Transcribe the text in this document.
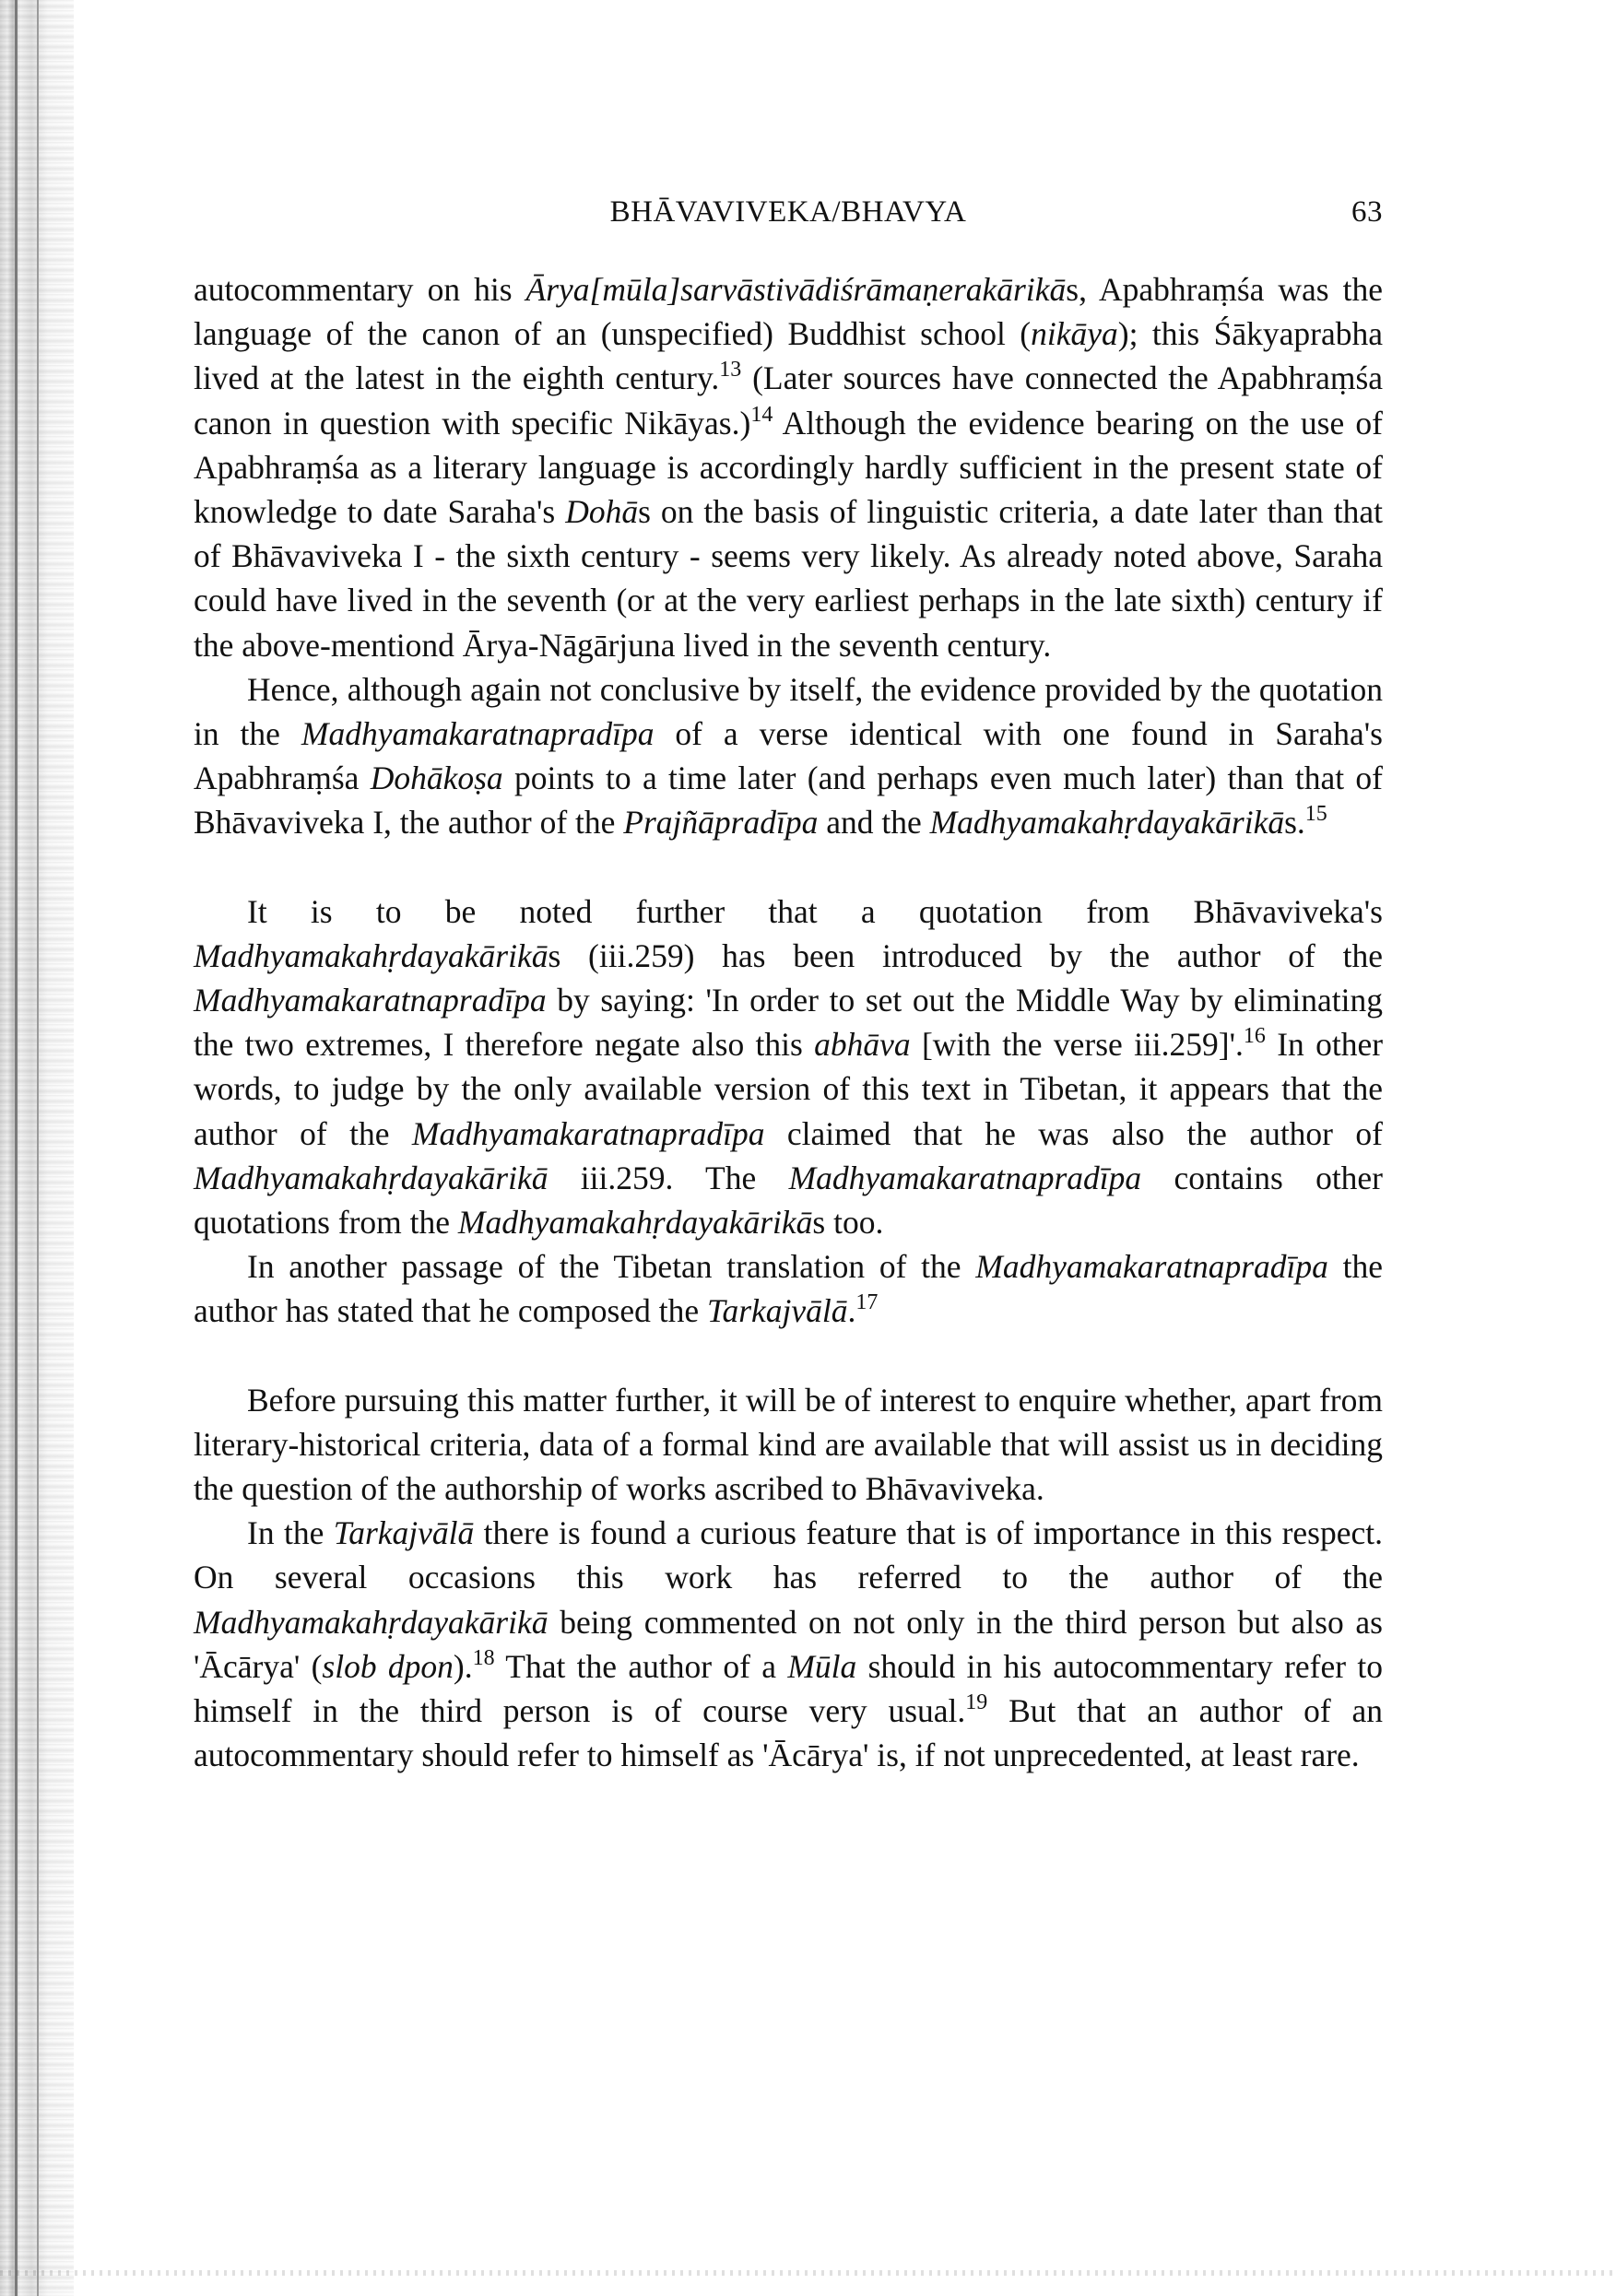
BHĀVAVIVEKA/BHAVYA	63

autocommentary on his Ārya[mūla]sarvāstivādiśrāmaṇerakārikās, Apabhraṃśa was the language of the canon of an (unspecified) Buddhist school (nikāya); this Śākyaprabha lived at the latest in the eighth century.$^{13}$ (Later sources have connected the Apabhraṃśa canon in question with specific Nikāyas.)$^{14}$ Although the evidence bearing on the use of Apabhraṃśa as a literary language is accordingly hardly sufficient in the present state of knowledge to date Saraha's Dohās on the basis of linguistic criteria, a date later than that of Bhāvaviveka I - the sixth century - seems very likely. As already noted above, Saraha could have lived in the seventh (or at the very earliest perhaps in the late sixth) century if the above-mentiond Ārya-Nāgārjuna lived in the seventh century.

Hence, although again not conclusive by itself, the evidence provided by the quotation in the Madhyamakaratnapradīpa of a verse identical with one found in Saraha's Apabhraṃśa Dohākoṣa points to a time later (and perhaps even much later) than that of Bhāvaviveka I, the author of the Prajñāpradīpa and the Madhyamakahṛdayakārikās.$^{15}$

It is to be noted further that a quotation from Bhāvaviveka's Madhyamakahṛdayakārikās (iii.259) has been introduced by the author of the Madhyamakaratnapradīpa by saying: 'In order to set out the Middle Way by eliminating the two extremes, I therefore negate also this abhāva [with the verse iii.259]'.$^{16}$ In other words, to judge by the only available version of this text in Tibetan, it appears that the author of the Madhyamakaratnapradīpa claimed that he was also the author of Madhyamakahṛdayakārikā iii.259. The Madhyamakaratnapradīpa contains other quotations from the Madhyamakahṛdayakārikās too.

In another passage of the Tibetan translation of the Madhyamakaratnapradīpa the author has stated that he composed the Tarkajvālā.$^{17}$

Before pursuing this matter further, it will be of interest to enquire whether, apart from literary-historical criteria, data of a formal kind are available that will assist us in deciding the question of the authorship of works ascribed to Bhāvaviveka.

In the Tarkajvālā there is found a curious feature that is of importance in this respect. On several occasions this work has referred to the author of the Madhyamakahṛdayakārikā being commented on not only in the third person but also as 'Ācārya' (slob dpon).$^{18}$ That the author of a Mūla should in his autocommentary refer to himself in the third person is of course very usual.$^{19}$ But that an author of an autocommentary should refer to himself as 'Ācārya' is, if not unprecedented, at least rare.
